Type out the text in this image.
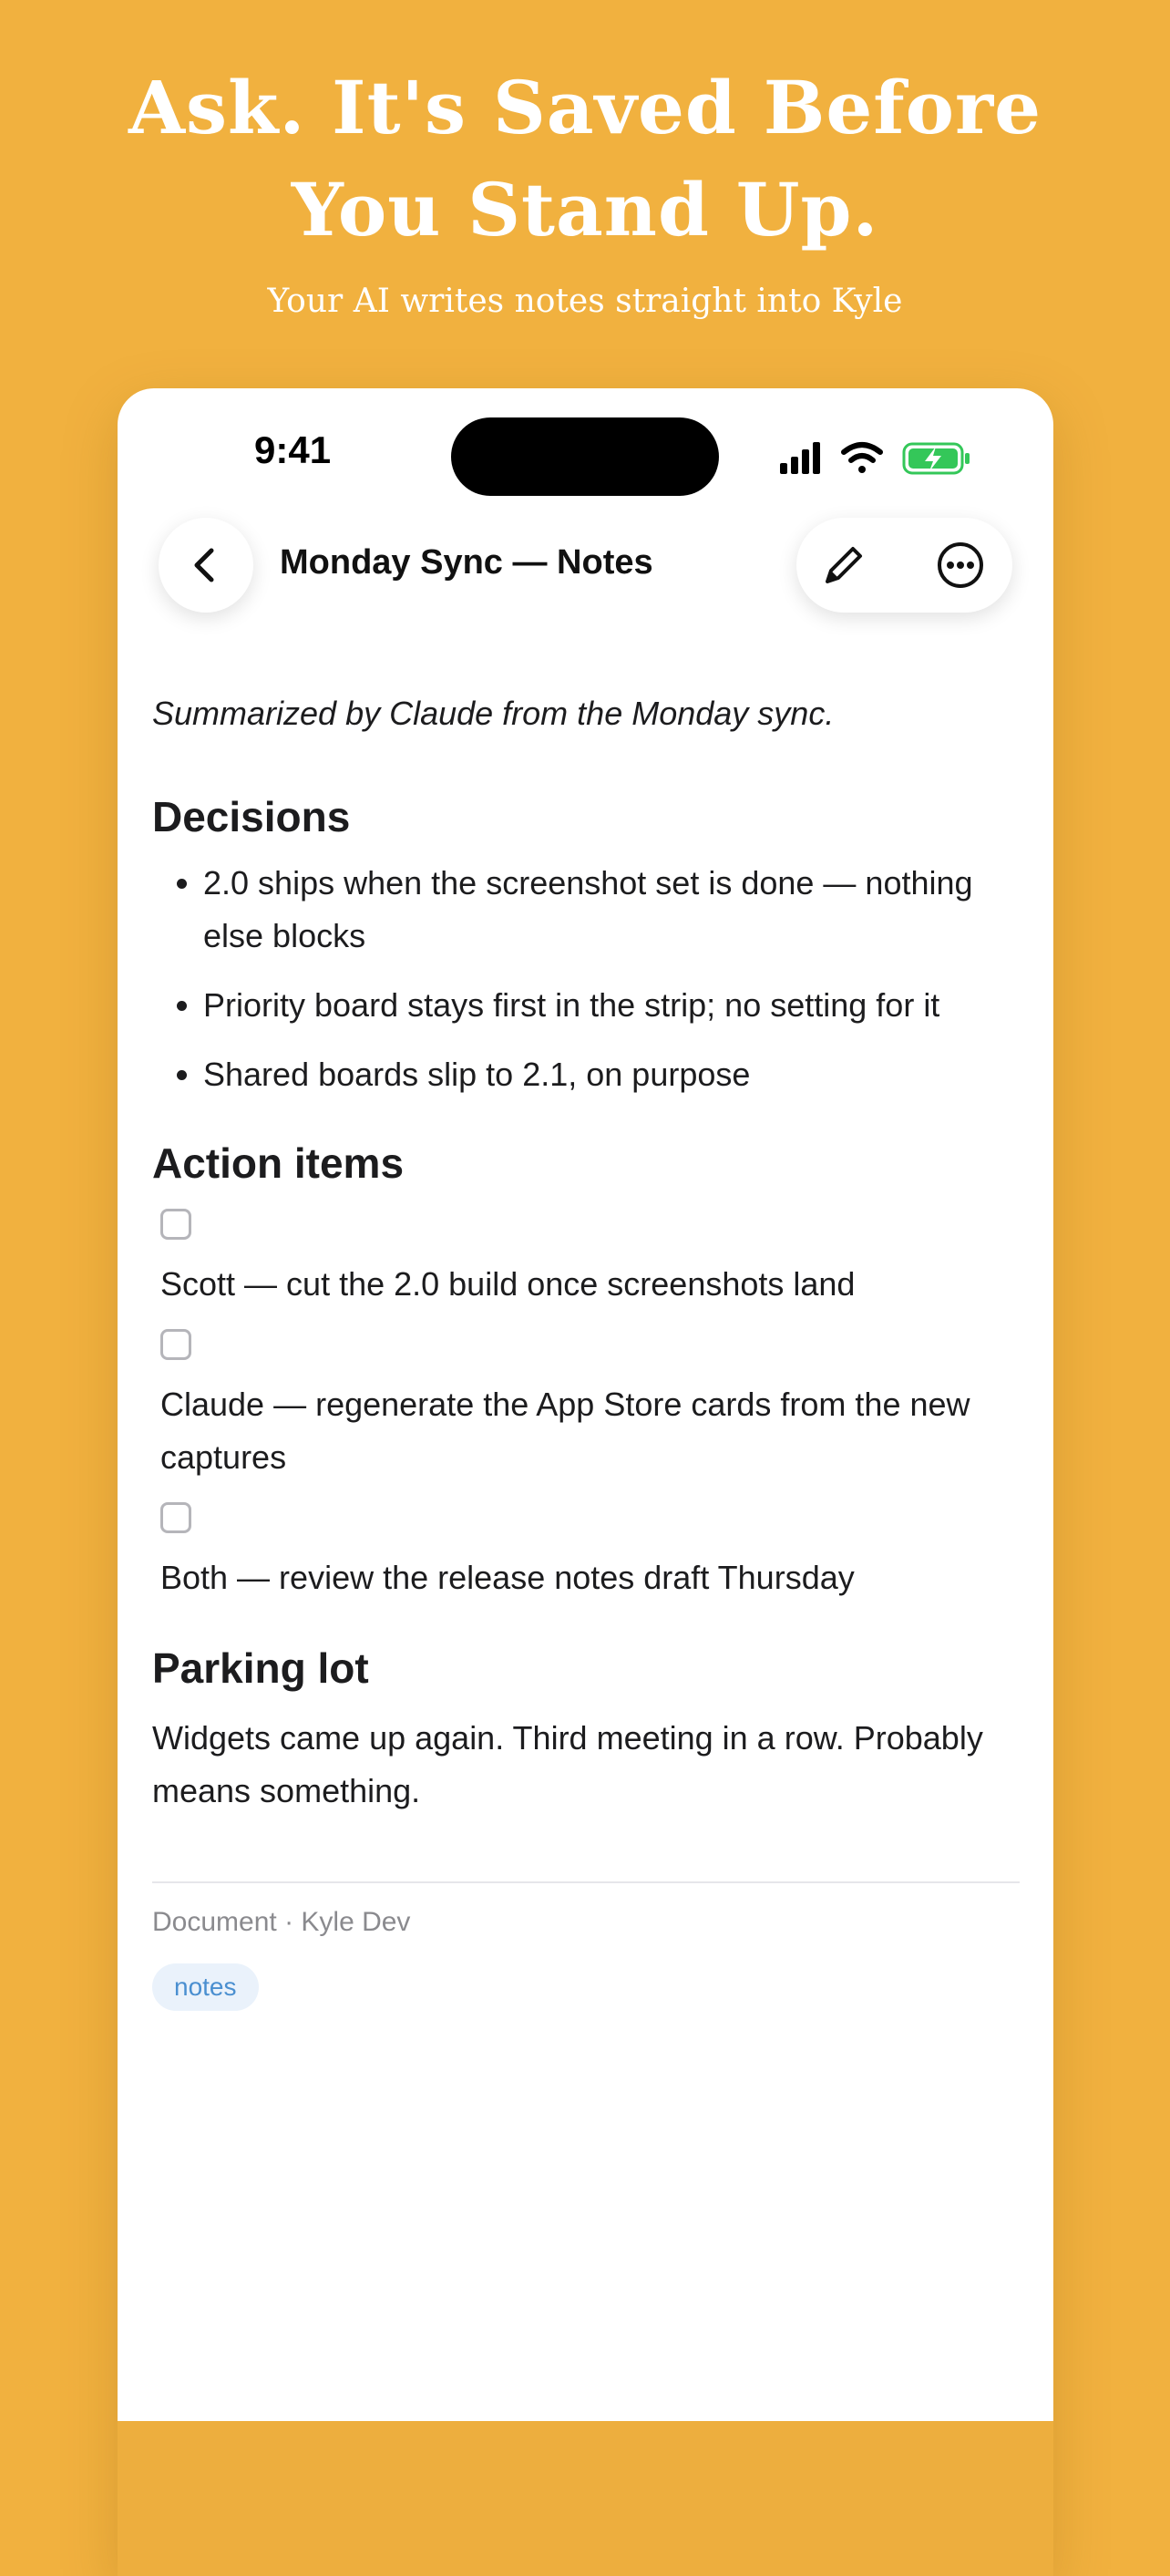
Ask. It's Saved Before
You Stand Up.
Your AI writes notes straight into Kyle
9:41
Monday Sync — Notes

Summarized by Claude from the Monday sync.

Decisions
• 2.0 ships when the screenshot set is done — nothing else blocks
• Priority board stays first in the strip; no setting for it
• Shared boards slip to 2.1, on purpose
Action items
Scott — cut the 2.0 build once screenshots land
Claude — regenerate the App Store cards from the new captures
Both — review the release notes draft Thursday
Parking lot

Widgets came up again. Third meeting in a row. Probably means something.

Document · Kyle Dev
notes
